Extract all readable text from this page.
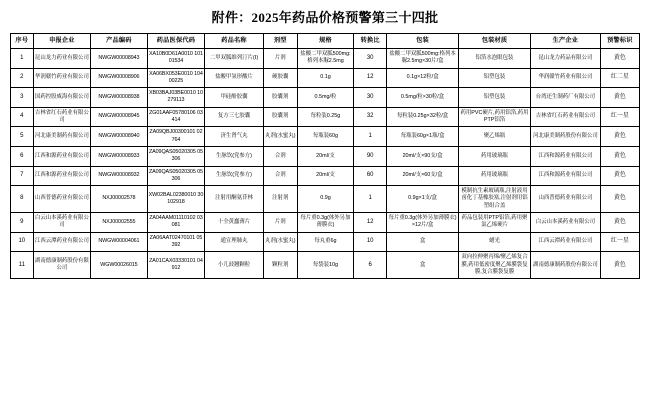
附件：2025年药品价格预警第三十四批
序号	申报企业	产品编码	药品医保代码	药品名称	剂型	规格	转换比	包装	包装材质	生产企业	预警标识
1	昆山龙力药业有限公司	NWGW00008943	XA10B0D61A0010 10101534	二甲双胍维列汀片(Ⅰ)	片剂	盐酸二甲双胍500mg:格列本脲2.5mg	30	盐酸二甲双胍500mg:格列本脲2.5mg×30片/盒	铝箔水泡眼包装	昆山龙力药品有限公司	黄色
2	华润赣竹药业有限公司	NWGW00008906	XA06BX053E0010 10400225	盐酸甲氢形酸片	硬胶囊	0.1g	12	0.1g×12粒/盒	铝塑包装	华润赣竹药业有限公司	红二星
3	国药控股威海有限公司	NWGW00008938	XB03BAJ03BE0010 10279113	甲硅酚胶囊	胶囊剂	0.5mg/粒	30	0.5mg/粒×30粒/盒	铝塑包装	台湾还生制药厂有限公司	黄色
4	吉林省红石药业有限公司	NWGW00008945	ZG01AAF05780106 03414	复方三七胶囊	胶囊剂	每粒装0.25g	32	每粒装0.25g×32粒/盒	药用PVC硬片,药用铝箔,药用PTP铝箔	吉林省红石药业有限公司	红一星
5	河北康美制药有限公司	NWGW00008940	ZA09QBJ00300101 02764	济生肾气丸	丸剂(水蜜丸)	每瓶装60g	1	每瓶装60g×1瓶/盒	聚乙烯瓶	河北康美制药股份有限公司	黄色
6	江西和源药业有限公司	NWGW00008933	ZA09QAS05020305 05306	生脉饮(党参方)	合剂	20ml/支	90	20ml/支×90支/盒	药用玻璃瓶	江西和源药业有限公司	黄色
7	江西和源药业有限公司	NWGW00008932	ZA09QAS05020305 05306	生脉饮(党参方)	合剂	20ml/支	60	20ml/支×60支/盒	药用玻璃瓶	江西和源药业有限公司	黄色
8	山西普德药业有限公司	NXJ00002578	XW02BAL02380010 30102918	注射用酮氨苷林	注射剂	0.9g	1	0.9g×1支/盒	模制抗生素玻璃瓶,注射液用卤化丁基橡胶塞,注射剂用铝塑组合盖	山西普德药业有限公司	黄色
9	白云山本溪药业有限公司	NXJ00002555	ZA04AAM01110102 03081	十全黄蠢薄片	片剂	每片重0.3g(体外另加薄膜衣)	12	每片重0.3g(体外另加薄膜衣)×12片/盒	药品包装用PTP铝箔,药用聚氯乙烯硬片	白云山本溪药业有限公司	黄色
10	江西云潭药业有限公司	NWGW00004061	ZA06AAT02470101 05392	通宣理肺丸	丸剂(水蜜丸)	每丸重6g	10	盒	蜡光	江西云潭药业有限公司	红一星
11	湖南德康制药股份有限公司	WGW00026015	ZA01CAX03330101 04912	小儿豉翘颗粒	颗粒剂	每袋装10g	6	盒	双向拉伸聚丙烯/聚乙烯复合膜,药用低密度聚乙烯膜袋复膜,复合膜袋复膜	湖南德康制药股份有限公司	黄色
